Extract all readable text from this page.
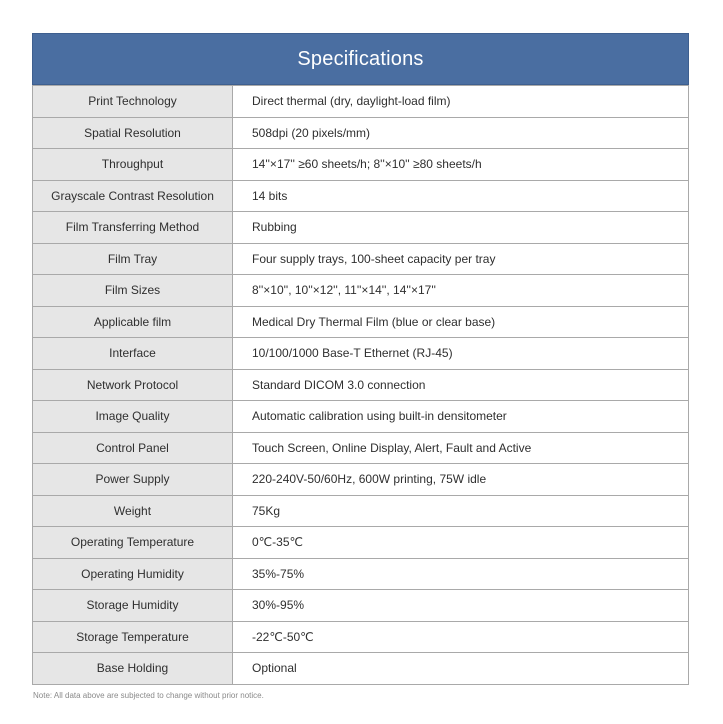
Specifications
Print Technology	Direct thermal (dry, daylight-load film)
Spatial Resolution	508dpi (20 pixels/mm)
Throughput	14''×17'' ≥60 sheets/h; 8''×10'' ≥80 sheets/h
Grayscale Contrast Resolution	14 bits
Film Transferring Method	Rubbing
Film Tray	Four supply trays, 100-sheet capacity per tray
Film Sizes	8''×10'', 10''×12'', 11''×14'', 14''×17''
Applicable film	Medical Dry Thermal Film (blue or clear base)
Interface	10/100/1000 Base-T Ethernet (RJ-45)
Network Protocol	Standard DICOM 3.0 connection
Image Quality	Automatic calibration using built-in densitometer
Control Panel	Touch Screen, Online Display, Alert, Fault and Active
Power Supply	220-240V-50/60Hz, 600W printing, 75W idle
Weight	75Kg
Operating Temperature	0℃-35℃
Operating Humidity	35%-75%
Storage Humidity	30%-95%
Storage Temperature	-22℃-50℃
Base Holding	Optional
Note: All data above are subjected to change without prior notice.
